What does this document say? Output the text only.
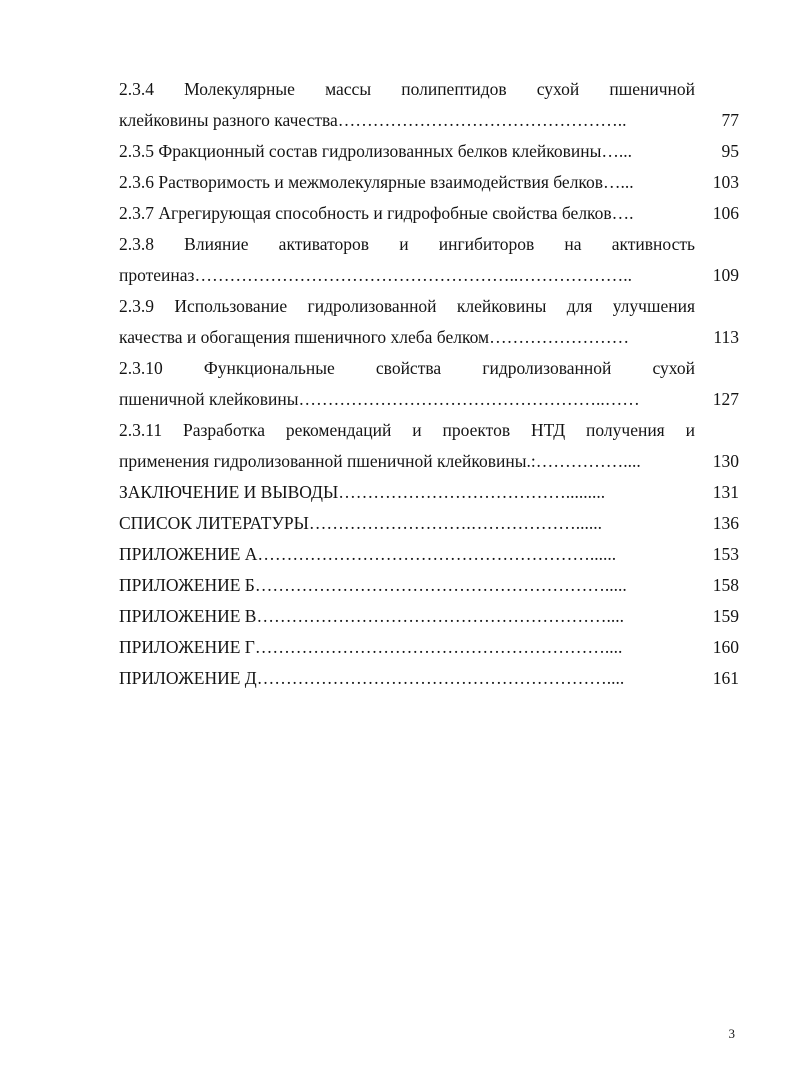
2.3.4 Молекулярные массы полипептидов сухой пшеничной
клейковины разного качества…………………………………………..	77
2.3.5 Фракционный состав гидролизованных белков клейковины…...	95
2.3.6 Растворимость и межмолекулярные взаимодействия белков…...	103
2.3.7 Агрегирующая способность и гидрофобные свойства белков….	106
2.3.8 Влияние активаторов и ингибиторов на активность
протеиназ………………………………………………..………………..	109
2.3.9 Использование гидролизованной клейковины для улучшения
качества и обогащения пшеничного хлеба белком……………………	113
2.3.10 Функциональные свойства гидролизованной сухой
пшеничной клейковины……………………………………………..……	127
2.3.11 Разработка рекомендаций и проектов НТД получения и
применения гидролизованной пшеничной клейковины.:……………....	130
ЗАКЛЮЧЕНИЕ И ВЫВОДЫ………………………………….........	131
СПИСОК ЛИТЕРАТУРЫ……………………….………………......	136
ПРИЛОЖЕНИЕ А…………………………………………………......	153
ПРИЛОЖЕНИЕ Б…………………………………………………….....	158
ПРИЛОЖЕНИЕ В……………………………………………………....	159
ПРИЛОЖЕНИЕ Г……………………………………………………....	160
ПРИЛОЖЕНИЕ Д……………………………………………………....	161
3
